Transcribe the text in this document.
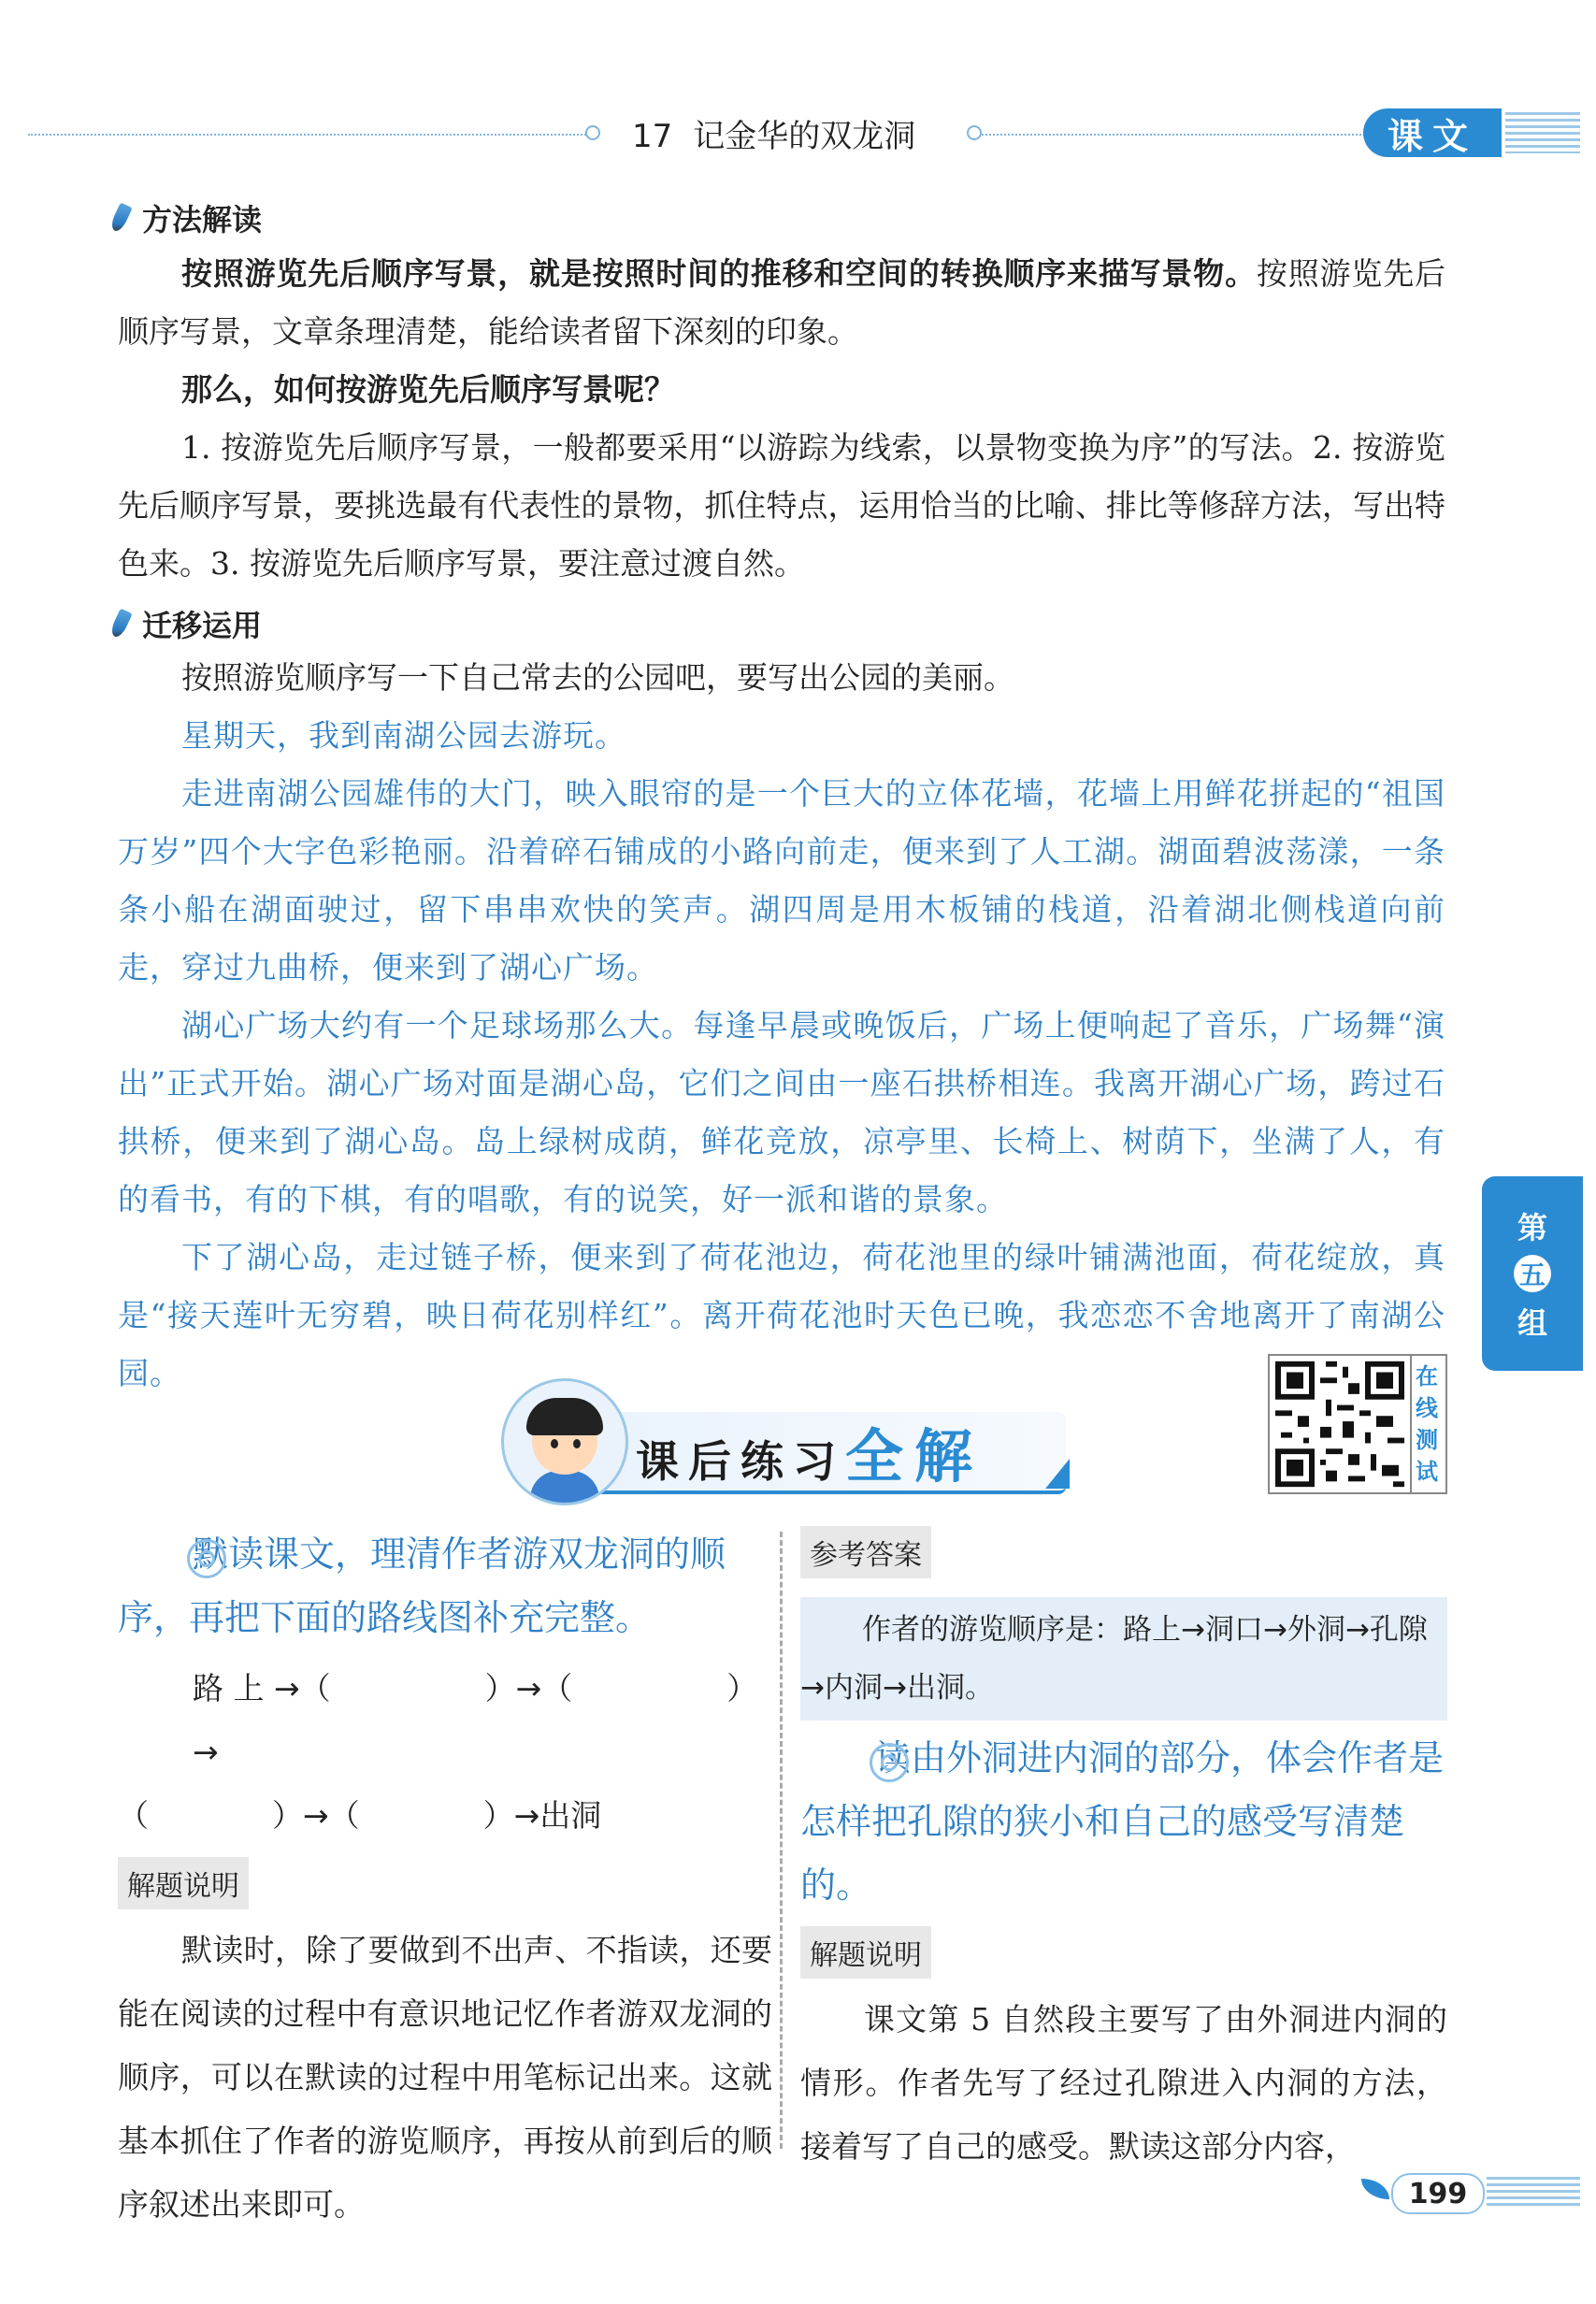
17 记金华的双龙洞	课文
方法解读
按照游览先后顺序写景，就是按照时间的推移和空间的转换顺序来描写景物。按照游览先后顺序写景，文章条理清楚，能给读者留下深刻的印象。
那么，如何按游览先后顺序写景呢？
1. 按游览先后顺序写景，一般都要采用“以游踪为线索，以景物变换为序”的写法。2. 按游览先后顺序写景，要挑选最有代表性的景物，抓住特点，运用恰当的比喻、排比等修辞方法，写出特色来。3. 按游览先后顺序写景，要注意过渡自然。
迁移运用
按照游览顺序写一下自己常去的公园吧，要写出公园的美丽。
星期天，我到南湖公园去游玩。
走进南湖公园雄伟的大门，映入眼帘的是一个巨大的立体花墙，花墙上用鲜花拼起的“祖国万岁”四个大字色彩艳丽。沿着碎石铺成的小路向前走，便来到了人工湖。湖面碧波荡漾，一条条小船在湖面驶过，留下串串欢快的笑声。湖四周是用木板铺的栈道，沿着湖北侧栈道向前走，穿过九曲桥，便来到了湖心广场。
湖心广场大约有一个足球场那么大。每逢早晨或晚饭后，广场上便响起了音乐，广场舞“演出”正式开始。湖心广场对面是湖心岛，它们之间由一座石拱桥相连。我离开湖心广场，跨过石拱桥，便来到了湖心岛。岛上绿树成荫，鲜花竞放，凉亭里、长椅上、树荫下，坐满了人，有的看书，有的下棋，有的唱歌，有的说笑，好一派和谐的景象。
下了湖心岛，走过链子桥，便来到了荷花池边，荷花池里的绿叶铺满池面，荷花绽放，真是“接天莲叶无穷碧，映日荷花别样红”。离开荷花池时天色已晚，我恋恋不舍地离开了南湖公园。
第
五
组
课后练习全解
在
线
测
试
默读课文，理清作者游双龙洞的顺序，再把下面的路线图补充完整。
路 上 →（　　　　　）→（　　　　　）→
（　　　　）→（　　　　）→出洞
解题说明
默读时，除了要做到不出声、不指读，还要能在阅读的过程中有意识地记忆作者游双龙洞的顺序，可以在默读的过程中用笔标记出来。这就基本抓住了作者的游览顺序，再按从前到后的顺序叙述出来即可。
参考答案
作者的游览顺序是：路上→洞口→外洞→孔隙→内洞→出洞。
读由外洞进内洞的部分，体会作者是怎样把孔隙的狭小和自己的感受写清楚的。
解题说明
课文第 5 自然段主要写了由外洞进内洞的情形。作者先写了经过孔隙进入内洞的方法，接着写了自己的感受。默读这部分内容，
199
